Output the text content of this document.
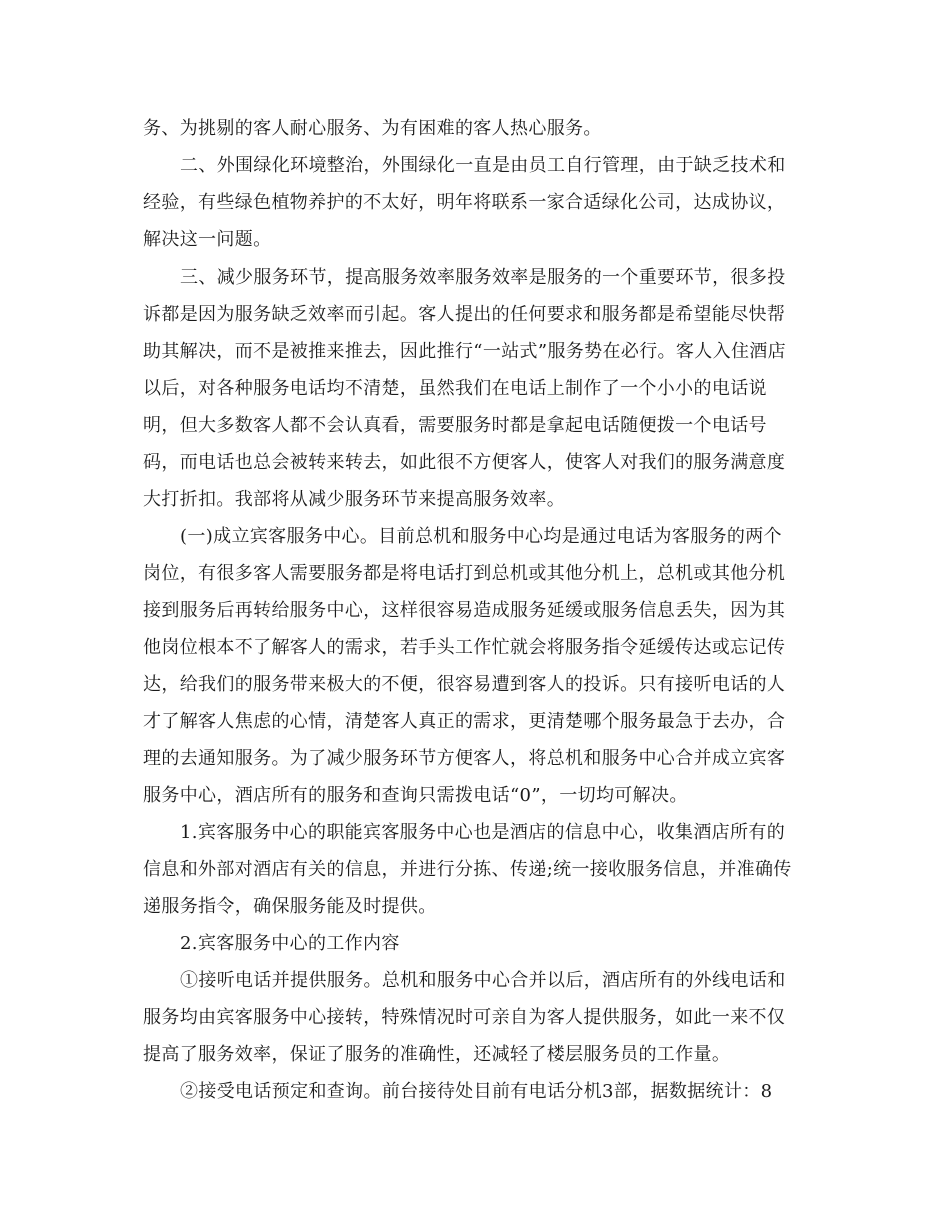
务、为挑剔的客人耐心服务、为有困难的客人热心服务。

二、外围绿化环境整治，外围绿化一直是由员工自行管理，由于缺乏技术和

经验，有些绿色植物养护的不太好，明年将联系一家合适绿化公司，达成协议，

解决这一问题。

三、减少服务环节，提高服务效率服务效率是服务的一个重要环节，很多投

诉都是因为服务缺乏效率而引起。客人提出的任何要求和服务都是希望能尽快帮

助其解决，而不是被推来推去，因此推行“一站式”服务势在必行。客人入住酒店

以后，对各种服务电话均不清楚，虽然我们在电话上制作了一个小小的电话说

明，但大多数客人都不会认真看，需要服务时都是拿起电话随便拨一个电话号

码，而电话也总会被转来转去，如此很不方便客人，使客人对我们的服务满意度

大打折扣。我部将从减少服务环节来提高服务效率。

(一)成立宾客服务中心。目前总机和服务中心均是通过电话为客服务的两个

岗位，有很多客人需要服务都是将电话打到总机或其他分机上，总机或其他分机

接到服务后再转给服务中心，这样很容易造成服务延缓或服务信息丢失，因为其

他岗位根本不了解客人的需求，若手头工作忙就会将服务指令延缓传达或忘记传

达，给我们的服务带来极大的不便，很容易遭到客人的投诉。只有接听电话的人

才了解客人焦虑的心情，清楚客人真正的需求，更清楚哪个服务最急于去办，合

理的去通知服务。为了减少服务环节方便客人，将总机和服务中心合并成立宾客

服务中心，酒店所有的服务和查询只需拨电话“0”，一切均可解决。

1.宾客服务中心的职能宾客服务中心也是酒店的信息中心，收集酒店所有的

信息和外部对酒店有关的信息，并进行分拣、传递;统一接收服务信息，并准确传

递服务指令，确保服务能及时提供。

2.宾客服务中心的工作内容

①接听电话并提供服务。总机和服务中心合并以后，酒店所有的外线电话和

服务均由宾客服务中心接转，特殊情况时可亲自为客人提供服务，如此一来不仅

提高了服务效率，保证了服务的准确性，还减轻了楼层服务员的工作量。

②接受电话预定和查询。前台接待处目前有电话分机3部，据数据统计：8
